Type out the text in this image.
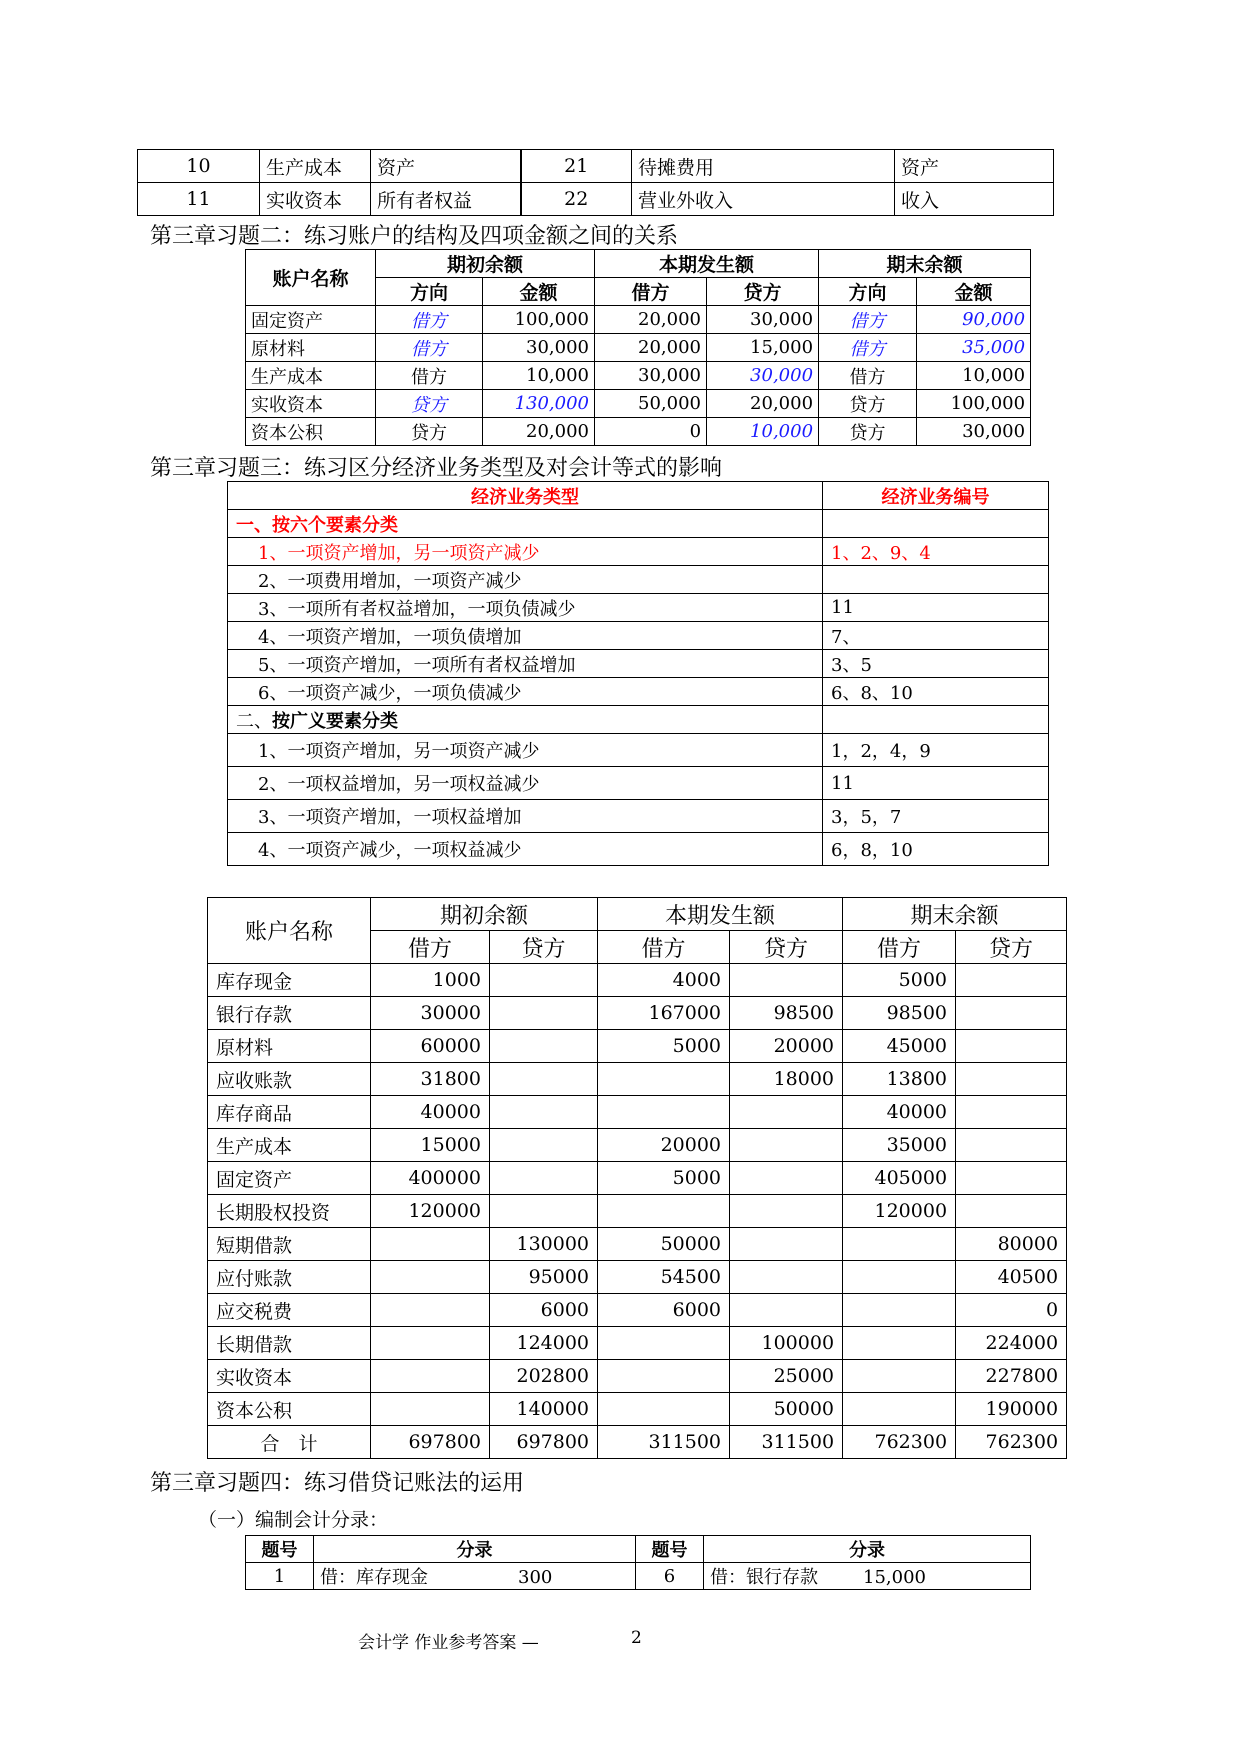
10	生产成本	资产	21	待摊费用	资产
11	实收资本	所有者权益	22	营业外收入	收入
第三章习题二：练习账户的结构及四项金额之间的关系
账户名称	期初余额		本期发生额		期末余额	
	方向	金额	借方	贷方	方向	金额
固定资产	借方	100,000	20,000	30,000	借方	90,000
原材料	借方	30,000	20,000	15,000	借方	35,000
生产成本	借方	10,000	30,000	30,000	借方	10,000
实收资本	贷方	130,000	50,000	20,000	贷方	100,000
资本公积	贷方	20,000	0	10,000	贷方	30,000
第三章习题三：练习区分经济业务类型及对会计等式的影响
经济业务类型	经济业务编号
一、按六个要素分类	
1、一项资产增加，另一项资产减少	1、2、9、4
2、一项费用增加，一项资产减少	
3、一项所有者权益增加，一项负债减少	11
4、一项资产增加，一项负债增加	7、
5、一项资产增加，一项所有者权益增加	3、5
6、一项资产减少，一项负债减少	6、8、10
二、按广义要素分类	
1、一项资产增加，另一项资产减少	1，2，4，9
2、一项权益增加，另一项权益减少	11
3、一项资产增加，一项权益增加	3，5，7
4、一项资产减少，一项权益减少	6，8，10
账户名称	期初余额		本期发生额		期末余额	
	借方	贷方	借方	贷方	借方	贷方
库存现金	1000		4000		5000	
银行存款	30000		167000	98500	98500	
原材料	60000		5000	20000	45000	
应收账款	31800			18000	13800	
库存商品	40000				40000	
生产成本	15000		20000		35000	
固定资产	400000		5000		405000	
长期股权投资	120000				120000	
短期借款		130000	50000			80000
应付账款		95000	54500			40500
应交税费		6000	6000			0
长期借款		124000		100000		224000
实收资本		202800		25000		227800
资本公积		140000		50000		190000
合　计	697800	697800	311500	311500	762300	762300
第三章习题四：练习借贷记账法的运用
（一）编制会计分录：
题号	分录	题号	分录
1	借：库存现金 300	6	借：银行存款 15,000
会计学 作业参考答案 —	2
